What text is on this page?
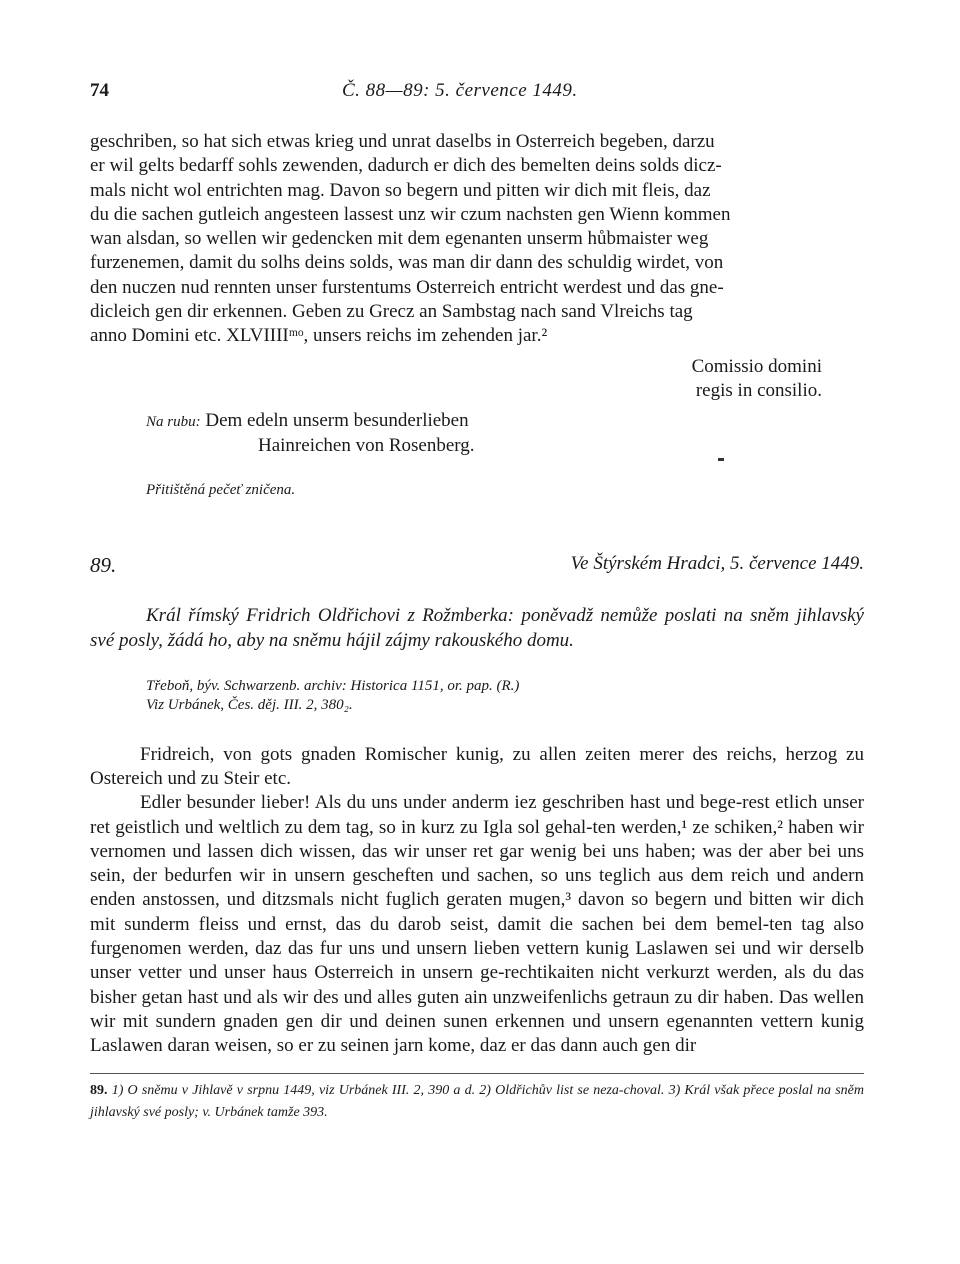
74	Č. 88—89: 5. července 1449.
geschriben, so hat sich etwas krieg und unrat daselbs in Osterreich begeben, darzu
er wil gelts bedarff sohls zewenden, dadurch er dich des bemelten deins solds dicz-
mals nicht wol entrichten mag. Davon so begern und pitten wir dich mit fleis, daz
du die sachen gutleich angesteen lassest unz wir czum nachsten gen Wienn kommen
wan alsdan, so wellen wir gedencken mit dem egenanten unserm hůbmaister weg
furzenemen, damit du solhs deins solds, was man dir dann des schuldig wirdet, von
den nuczen nud rennten unser furstentums Osterreich entricht werdest und das gne-
dicleich gen dir erkennen. Geben zu Grecz an Sambstag nach sand Vlreichs tag
anno Domini etc. XLVIIIIᵐᵒ, unsers reichs im zehenden jar.²
Comissio domini
regis in consilio.
Na rubu: Dem edeln unserm besunderlieben
Hainreichen von Rosenberg.
Přitištěná pečeť zničena.
89.	Ve Štýrském Hradci, 5. července 1449.

Král římský Fridrich Oldřichovi z Rožmberka: poněvadž nemůže poslati na sněm jihlavský své posly, žádá ho, aby na sněmu hájil zájmy rakouského domu.

Třeboň, býv. Schwarzenb. archiv: Historica 1151, or. pap. (R.)
Viz Urbánek, Čes. děj. III. 2, 380₂.

Fridreich, von gots gnaden Romischer kunig, zu allen zeiten merer des reichs, herzog zu Ostereich und zu Steir etc.

Edler besunder lieber! Als du uns under anderm iez geschriben hast und bege-rest etlich unser ret geistlich und weltlich zu dem tag, so in kurz zu Igla sol gehal-ten werden,¹ ze schiken,² haben wir vernomen und lassen dich wissen, das wir unser ret gar wenig bei uns haben; was der aber bei uns sein, der bedurfen wir in unsern gescheften und sachen, so uns teglich aus dem reich und andern enden anstossen, und ditzsmals nicht fuglich geraten mugen,³ davon so begern und bitten wir dich mit sunderm fleiss und ernst, das du darob seist, damit die sachen bei dem bemel-ten tag also furgenomen werden, daz das fur uns und unsern lieben vettern kunig Laslawen sei und wir derselb unser vetter und unser haus Osterreich in unsern ge-rechtikaiten nicht verkurzt werden, als du das bisher getan hast und als wir des und alles guten ain unzweifenlichs getraun zu dir haben. Das wellen wir mit sundern gnaden gen dir und deinen sunen erkennen und unsern egenannten vettern kunig Laslawen daran weisen, so er zu seinen jarn kome, daz er das dann auch gen dir

89. 1) O sněmu v Jihlavě v srpnu 1449, viz Urbánek III. 2, 390 a d. 2) Oldřichův list se neza-choval. 3) Král však přece poslal na sněm jihlavský své posly; v. Urbánek tamže 393.
